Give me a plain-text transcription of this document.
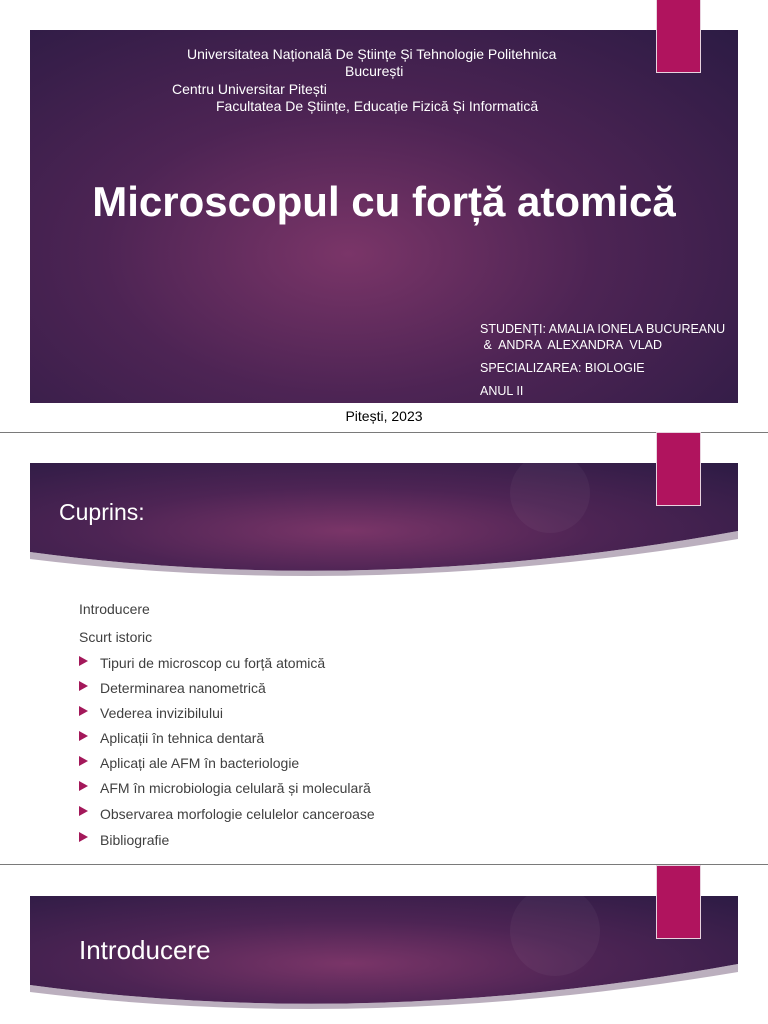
Universitatea Națională De Științe Și Tehnologie Politehnica
București
Centru Universitar Pitești
Facultatea De Științe, Educație Fizică Și Informatică
Microscopul cu forță atomică
STUDENȚI: AMALIA IONELA BUCUREANU
&  ANDRA  ALEXANDRA  VLAD
SPECIALIZAREA: BIOLOGIE
ANUL II
Pitești, 2023
Cuprins:
Introducere
Scurt istoric
Tipuri de microscop cu forță atomică
Determinarea nanometrică
Vederea invizibilului
Aplicații în tehnica dentară
Aplicați ale AFM în bacteriologie
AFM în microbiologia celulară și moleculară
Observarea morfologie celulelor canceroase
Bibliografie
Introducere
